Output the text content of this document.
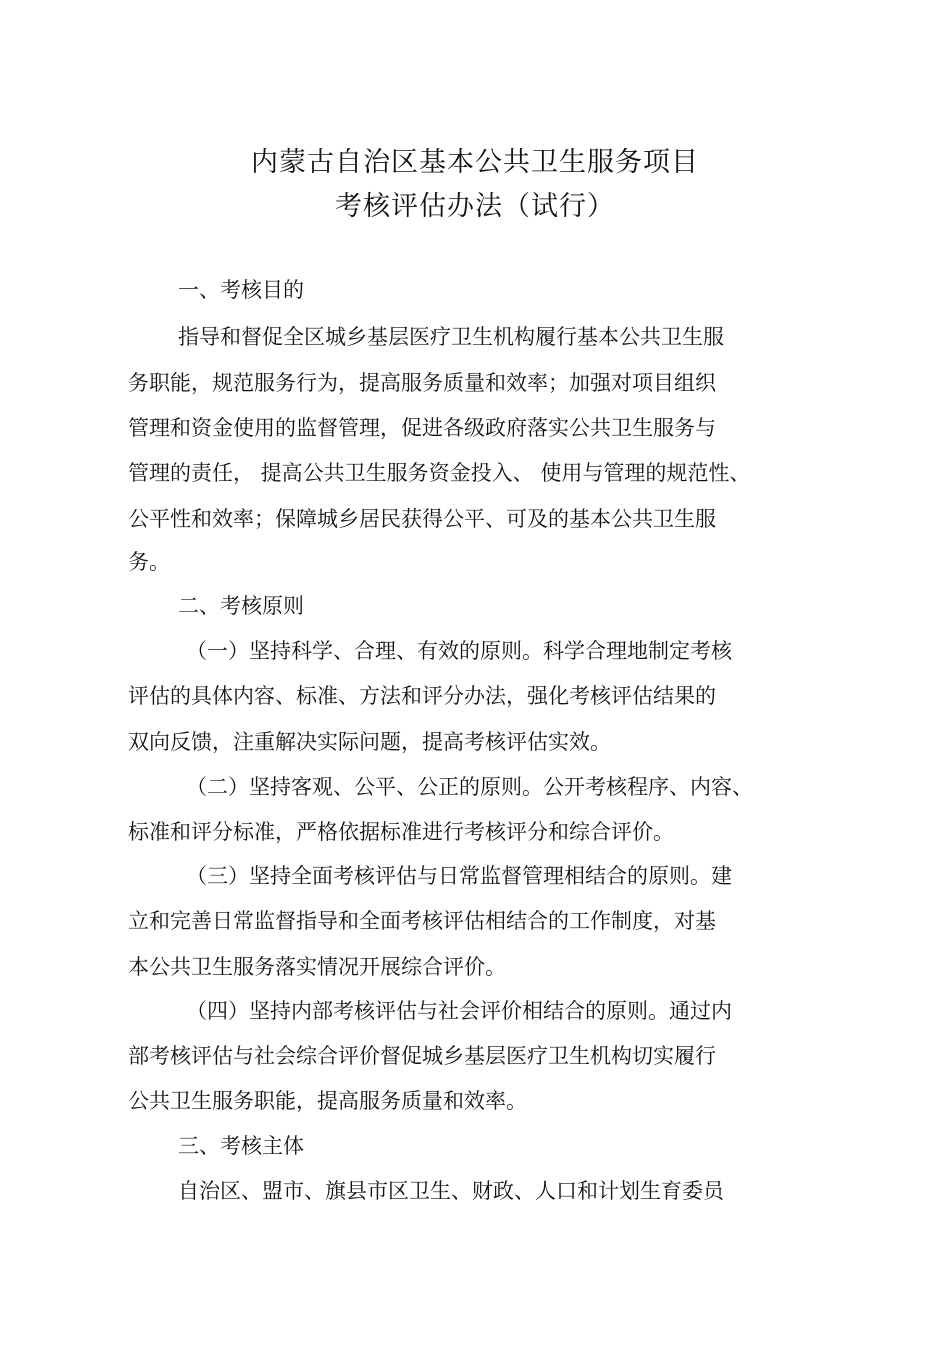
内蒙古自治区基本公共卫生服务项目
考核评估办法（试行）
一、考核目的
指导和督促全区城乡基层医疗卫生机构履行基本公共卫生服
务职能，规范服务行为，提高服务质量和效率；加强对项目组织
管理和资金使用的监督管理，促进各级政府落实公共卫生服务与
管理的责任， 提高公共卫生服务资金投入、 使用与管理的规范性、
公平性和效率；保障城乡居民获得公平、可及的基本公共卫生服
务。
二、考核原则
（一）坚持科学、合理、有效的原则。科学合理地制定考核
评估的具体内容、标准、方法和评分办法，强化考核评估结果的
双向反馈，注重解决实际问题，提高考核评估实效。
（二）坚持客观、公平、公正的原则。公开考核程序、内容、
标准和评分标准，严格依据标准进行考核评分和综合评价。
（三）坚持全面考核评估与日常监督管理相结合的原则。建
立和完善日常监督指导和全面考核评估相结合的工作制度，对基
本公共卫生服务落实情况开展综合评价。
（四）坚持内部考核评估与社会评价相结合的原则。通过内
部考核评估与社会综合评价督促城乡基层医疗卫生机构切实履行
公共卫生服务职能，提高服务质量和效率。
三、考核主体
自治区、盟市、旗县市区卫生、财政、人口和计划生育委员
